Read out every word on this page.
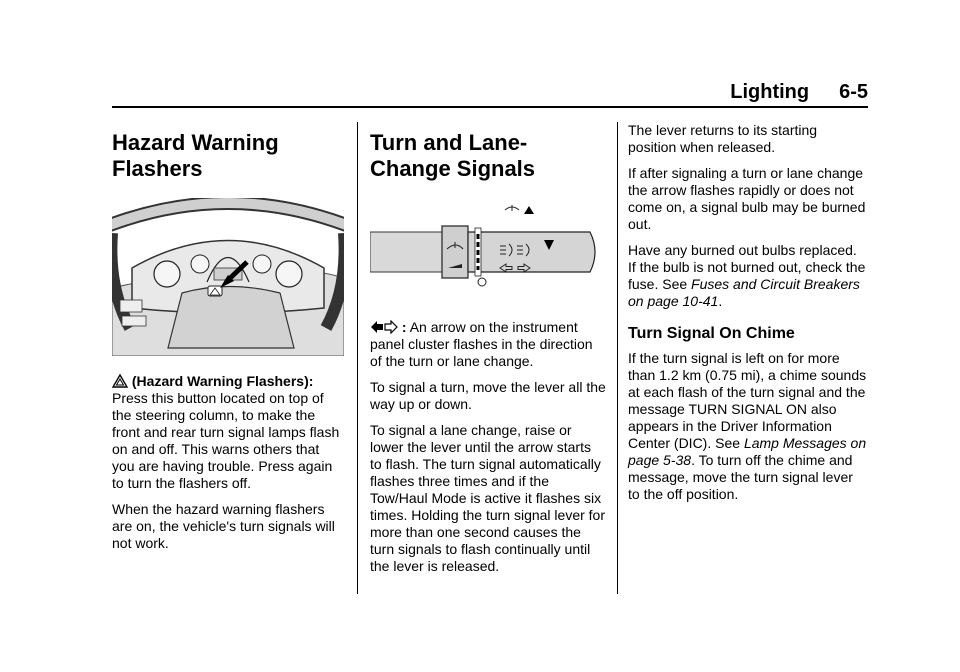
Lighting 6-5
Hazard Warning Flashers

(Hazard Warning Flashers): Press this button located on top of the steering column, to make the front and rear turn signal lamps flash on and off. This warns others that you are having trouble. Press again to turn the flashers off.

When the hazard warning flashers are on, the vehicle's turn signals will not work.

Turn and Lane-Change Signals

: An arrow on the instrument panel cluster flashes in the direction of the turn or lane change.

To signal a turn, move the lever all the way up or down.

To signal a lane change, raise or lower the lever until the arrow starts to flash. The turn signal automatically flashes three times and if the Tow/Haul Mode is active it flashes six times. Holding the turn signal lever for more than one second causes the turn signals to flash continually until the lever is released.

The lever returns to its starting position when released.

If after signaling a turn or lane change the arrow flashes rapidly or does not come on, a signal bulb may be burned out.

Have any burned out bulbs replaced. If the bulb is not burned out, check the fuse. See Fuses and Circuit Breakers on page 10-41.

Turn Signal On Chime

If the turn signal is left on for more than 1.2 km (0.75 mi), a chime sounds at each flash of the turn signal and the message TURN SIGNAL ON also appears in the Driver Information Center (DIC). See Lamp Messages on page 5-38. To turn off the chime and message, move the turn signal lever to the off position.
